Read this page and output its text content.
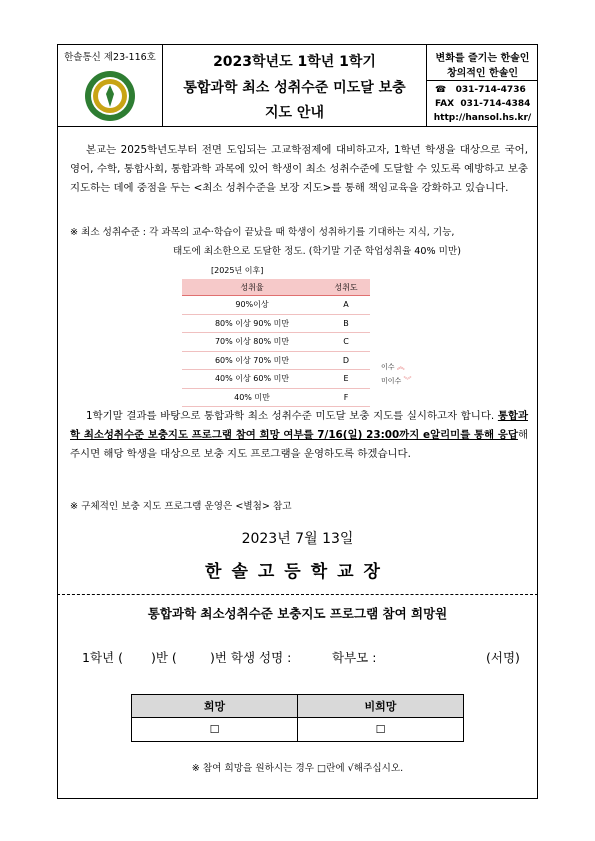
한솔통신 제23-116호	2023학년도 1학년 1학기
통합과학 최소 성취수준 미도달 보충
지도 안내
변화를 즐기는 한솔인
창의적인 한솔인
☎ 031-714-4736
FAX 031-714-4384
http://hansol.hs.kr/
본교는 2025학년도부터 전면 도입되는 고교학점제에 대비하고자, 1학년 학생을 대상으로 국어, 영어, 수학, 통합사회, 통합과학 과목에 있어 학생이 최소 성취수준에 도달할 수 있도록 예방하고 보충 지도하는 데에 중점을 두는 <최소 성취수준을 보장 지도>를 통해 책임교육을 강화하고 있습니다.
※ 최소 성취수준 : 각 과목의 교수·학습이 끝났을 때 학생이 성취하기를 기대하는 지식, 기능,
태도에 최소한으로 도달한 정도. (학기말 기준 학업성취율 40% 미만)
[2025년 이후]
성취율	성취도
90%이상	A
80% 이상 90% 미만	B
70% 이상 80% 미만	C
60% 이상 70% 미만	D
40% 이상 60% 미만	E
40% 미만	F
이수 ︽
미이수 ︾
1학기말 결과를 바탕으로 통합과학 최소 성취수준 미도달 보충 지도를 실시하고자 합니다. 통합과학 최소성취수준 보충지도 프로그램 참여 희망 여부를 7/16(일) 23:00까지 e알리미를 통해 응답해주시면 해당 학생을 대상으로 보충 지도 프로그램을 운영하도록 하겠습니다.
※ 구체적인 보충 지도 프로그램 운영은 <별첨> 참고
2023년 7월 13일
한솔고등학교장
통합과학 최소성취수준 보충지도 프로그램 참여 희망원
1학년 ( )반 (	)번 학생 성명 :	학부모 :	(서명)
희망	비희망
☐	☐
※ 참여 희망을 원하시는 경우 □란에 √해주십시오.
